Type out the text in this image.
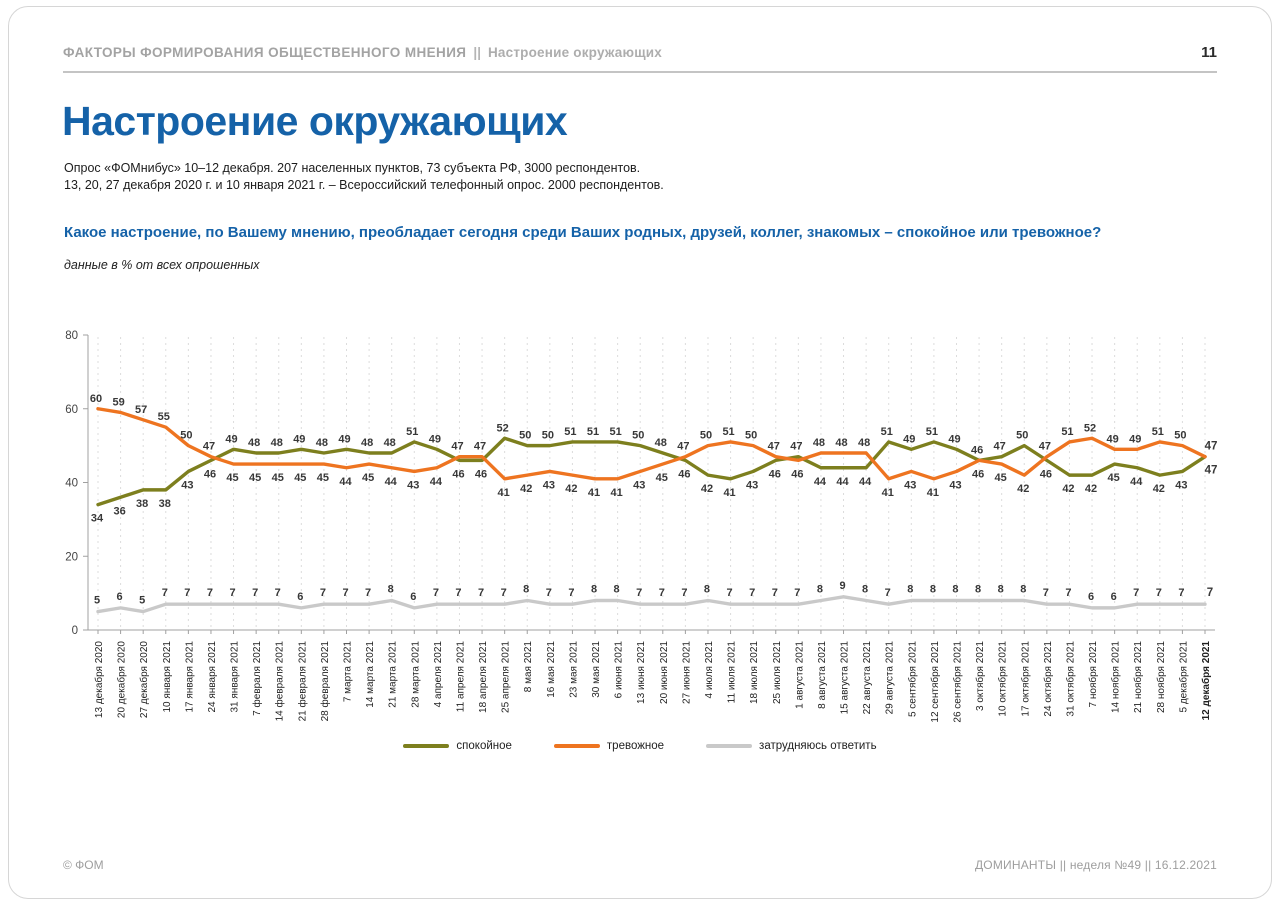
ФАКТОРЫ ФОРМИРОВАНИЯ ОБЩЕСТВЕННОГО МНЕНИЯ || Настроение окружающих	11
Настроение окружающих
Опрос «ФОМнибус» 10–12 декабря. 207 населенных пунктов, 73 субъекта РФ, 3000 респондентов.
13, 20, 27 декабря 2020 г. и 10 января 2021 г. – Всероссийский телефонный опрос. 2000 респондентов.
Какое настроение, по Вашему мнению, преобладает сегодня среди Ваших родных, друзей, коллег, знакомых – спокойное или тревожное?
данные в % от всех опрошенных
0
20
40
60
80
60
34
5
59
36
6
57
38
5
55
38
7
50
43
7
47
46
7
49
45
7
48
45
7
48
45
7
49
45
6
48
45
7
49
44
7
48
45
7
48
44
8
51
43
6
49
44
7
47
46
7
47
46
7
52
41
7
50
42
8
50
43
7
51
42
7
51
41
8
51
41
8
50
43
7
48
45
7
47
46
7
50
42
8
51
41
7
50
43
7
47
46
7
47
46
7
48
44
8
48
44
9
48
44
8
51
41
7
49
43
8
51
41
8
49
43
8
46
46
8
47
45
8
50
42
8
47
46
7
51
42
7
52
42
6
49
45
6
49
44
7
51
42
7
50
43
7
47
47
7
13 декабря 2020 20 декабря 2020 27 декабря 2020 10 января 2021 17 января 2021 24 января 2021 31 января 2021 7 февраля 2021 14 февраля 2021 21 февраля 2021 28 февраля 2021 7 марта 2021 14 марта 2021 21 марта 2021 28 марта 2021 4 апреля 2021 11 апреля 2021 18 апреля 2021 25 апреля 2021 8 мая 2021 16 мая 2021 23 мая 2021 30 мая 2021 6 июня 2021 13 июня 2021 20 июня 2021 27 июня 2021 4 июля 2021 11 июля 2021 18 июля 2021 25 июля 2021 1 августа 2021 8 августа 2021 15 августа 2021 22 августа 2021 29 августа 2021 5 сентября 2021 12 сентября 2021 26 сентября 2021 3 октября 2021 10 октября 2021 17 октября 2021 24 октября 2021 31 октября 2021 7 ноября 2021 14 ноября 2021 21 ноября 2021 28 ноября 2021 5 декабря 2021 12 декабря 2021
спокойное	тревожное	затрудняюсь ответить
© ФОМ	ДОМИНАНТЫ || неделя №49 || 16.12.2021
